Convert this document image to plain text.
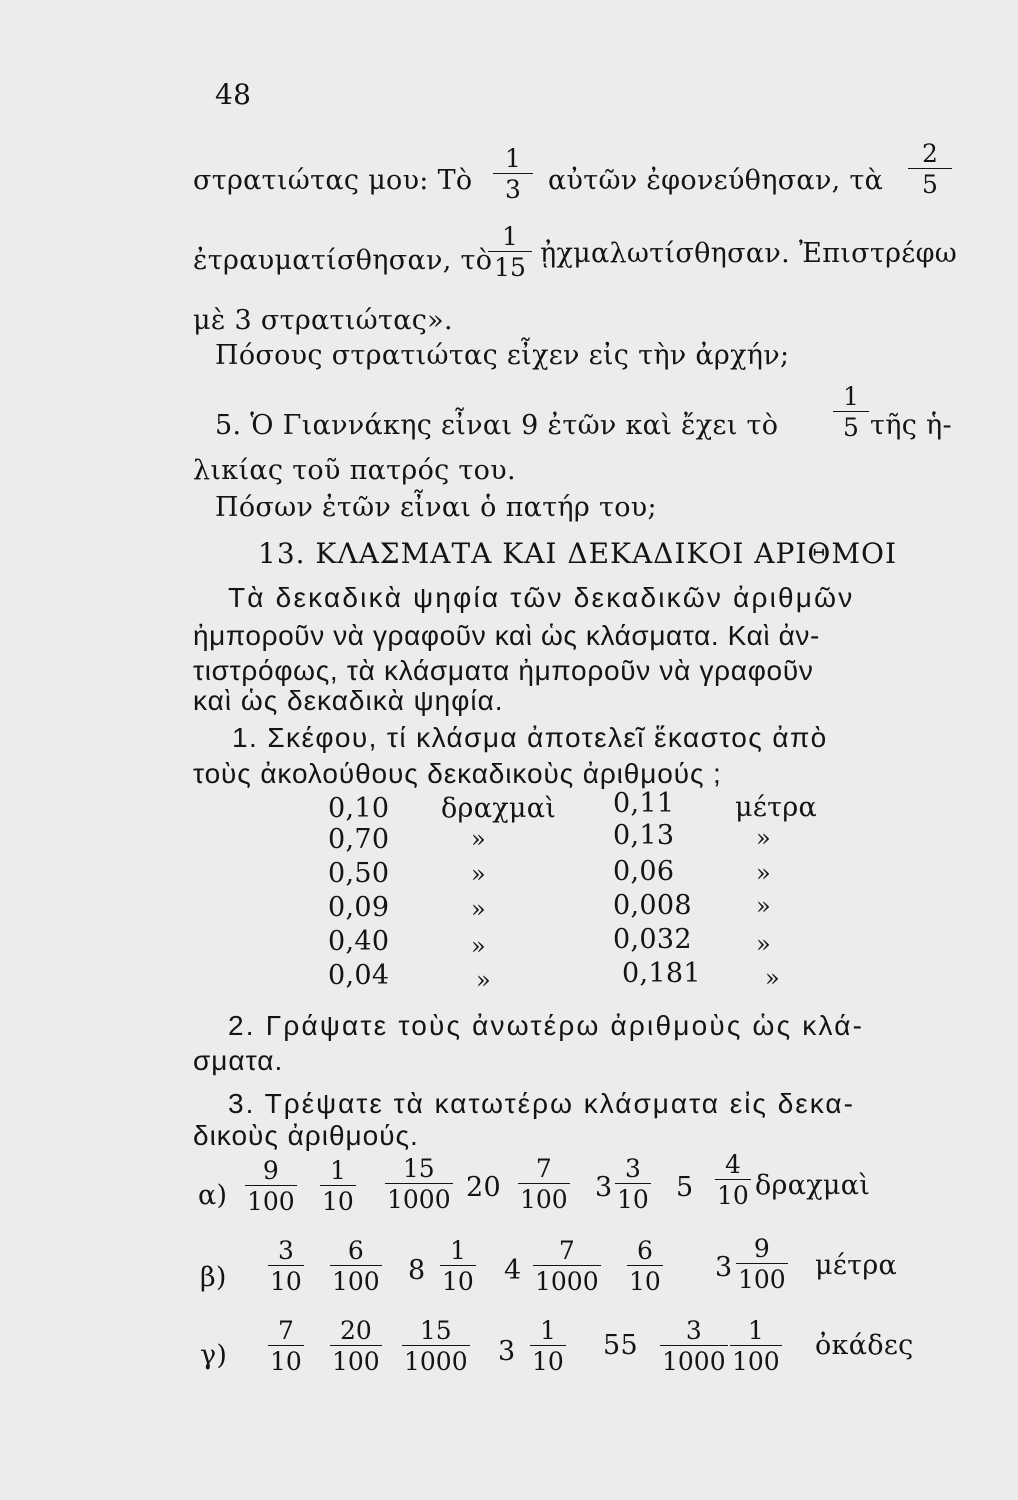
48
στρατιώτας μου: Τὸ $\frac{1}{3}$ αὐτῶν ἐφονεύθησαν, τὰ $\frac{2}{5}$
ἐτραυματίσθησαν, τὸ
$\frac{1}{15}$ ᾐχμαλωτίσθησαν. Ἐπιστρέφω
μὲ 3 στρατιώτας».
Πόσους στρατιώτας εἶχεν εἰς τὴν ἀρχήν;
5. Ὁ Γιαννάκης εἶναι 9 ἐτῶν καὶ ἔχει τὸ $\frac{1}{5}$ τῆς ἡ-
λικίας τοῦ πατρός του.
Πόσων ἐτῶν εἶναι ὁ πατήρ του;
13. ΚΛΑΣΜΑΤΑ ΚΑΙ ΔΕΚΑΔΙΚΟΙ ΑΡΙΘΜΟΙ
Τὰ δεκαδικὰ ψηφία τῶν δεκαδικῶν ἀριθμῶν
ἠμποροῦν νὰ γραφοῦν καὶ ὡς κλάσματα. Καὶ ἀν-
τιστρόφως, τὰ κλάσματα ἠμποροῦν νὰ γραφοῦν
καὶ ὡς δεκαδικὰ ψηφία.
1. Σκέφου, τί κλάσμα ἀποτελεῖ ἕκαστος ἀπὸ
τοὺς ἀκολούθους δεκαδικοὺς ἀριθμούς ;
0,10 δραχμαὶ 0,11 μέτρα
0,70	»	0,13	»
0,50	»	0,06	»
0,09	»	0,008	»
0,40	»	0,032	»
0,04	»	0,181	»
2. Γράψατε τοὺς ἀνωτέρω ἀριθμοὺς ὡς κλά-
σματα.
3. Τρέψατε τὰ κατωτέρω κλάσματα εἰς δεκα-
δικοὺς ἀριθμούς.
$\alpha) \frac{9}{100} \frac{1}{10} \frac{15}{1000} 20 \frac{7}{100} 3 \frac{3}{10} 5 \frac{4}{10}$ δραχμαὶ
$\beta) \frac{3}{10} \frac{6}{100} 8 \frac{1}{10} 4 \frac{7}{1000} \frac{6}{10} 3 \frac{9}{100}$ μέτρα
$\gamma) \frac{7}{10} \frac{20}{100} \frac{15}{1000} 3 \frac{1}{10} 55 \frac{3}{1000} \frac{1}{100}$ ὀκάδες
